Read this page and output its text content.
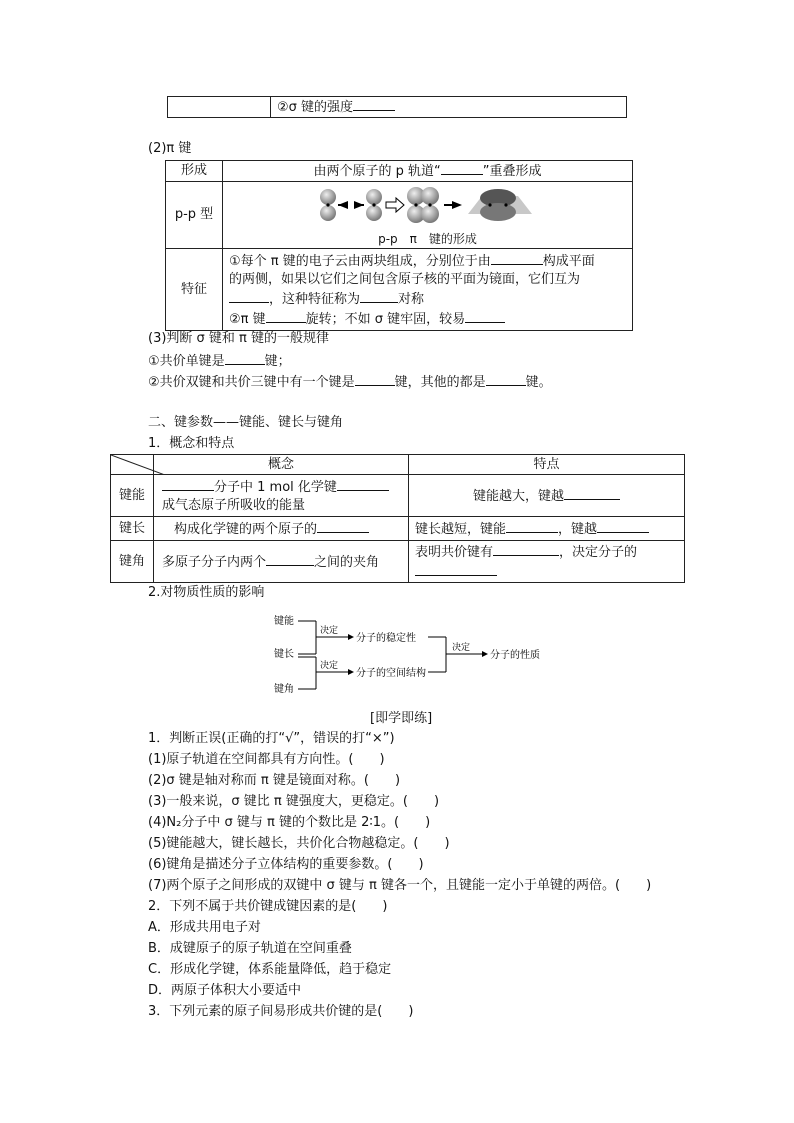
	②σ 键的强度
(2)π 键
形成	由两个原子的 p 轨道“ ”重叠形成
p-p 型	p-p　π　键的形成

特征	①每个 π 键的电子云由两块组成，分别位于由 构成平面
的两侧，如果以它们之间包含原子核的平面为镜面，它们互为
，这种特征称为 对称
②π 键 旋转；不如 σ 键牢固，较易
(3)判断 σ 键和 π 键的一般规律
①共价单键是	键；
②共价双键和共价三键中有一个键是	键，其他的都是	键。
二、键参数——键能、键长与键角
1．概念和特点
	概念	特点
键能	分子中 1 mol 化学键
成气态原子所吸收的能量	键能越大，键越
键长	构成化学键的两个原子的	键长越短，键能 ，键越
键角	多原子分子内两个 之间的夹角	表明共价键有 ，决定分子的
2.对物质性质的影响
键能
键长
键角
决定
分子的稳定性
决定
分子的空间结构
决定
分子的性质
[即学即练]
1．判断正误(正确的打“√”，错误的打“×”)
(1)原子轨道在空间都具有方向性。(　　)
(2)σ 键是轴对称而 π 键是镜面对称。(　　)
(3)一般来说，σ 键比 π 键强度大，更稳定。(　　)
(4)N₂分子中 σ 键与 π 键的个数比是 2∶1。(　　)
(5)键能越大，键长越长，共价化合物越稳定。(　　)
(6)键角是描述分子立体结构的重要参数。(　　)
(7)两个原子之间形成的双键中 σ 键与 π 键各一个，且键能一定小于单键的两倍。(　　)
2．下列不属于共价键成键因素的是(　　)
A．形成共用电子对
B．成键原子的原子轨道在空间重叠
C．形成化学键，体系能量降低，趋于稳定
D．两原子体积大小要适中
3．下列元素的原子间易形成共价键的是(　　)
